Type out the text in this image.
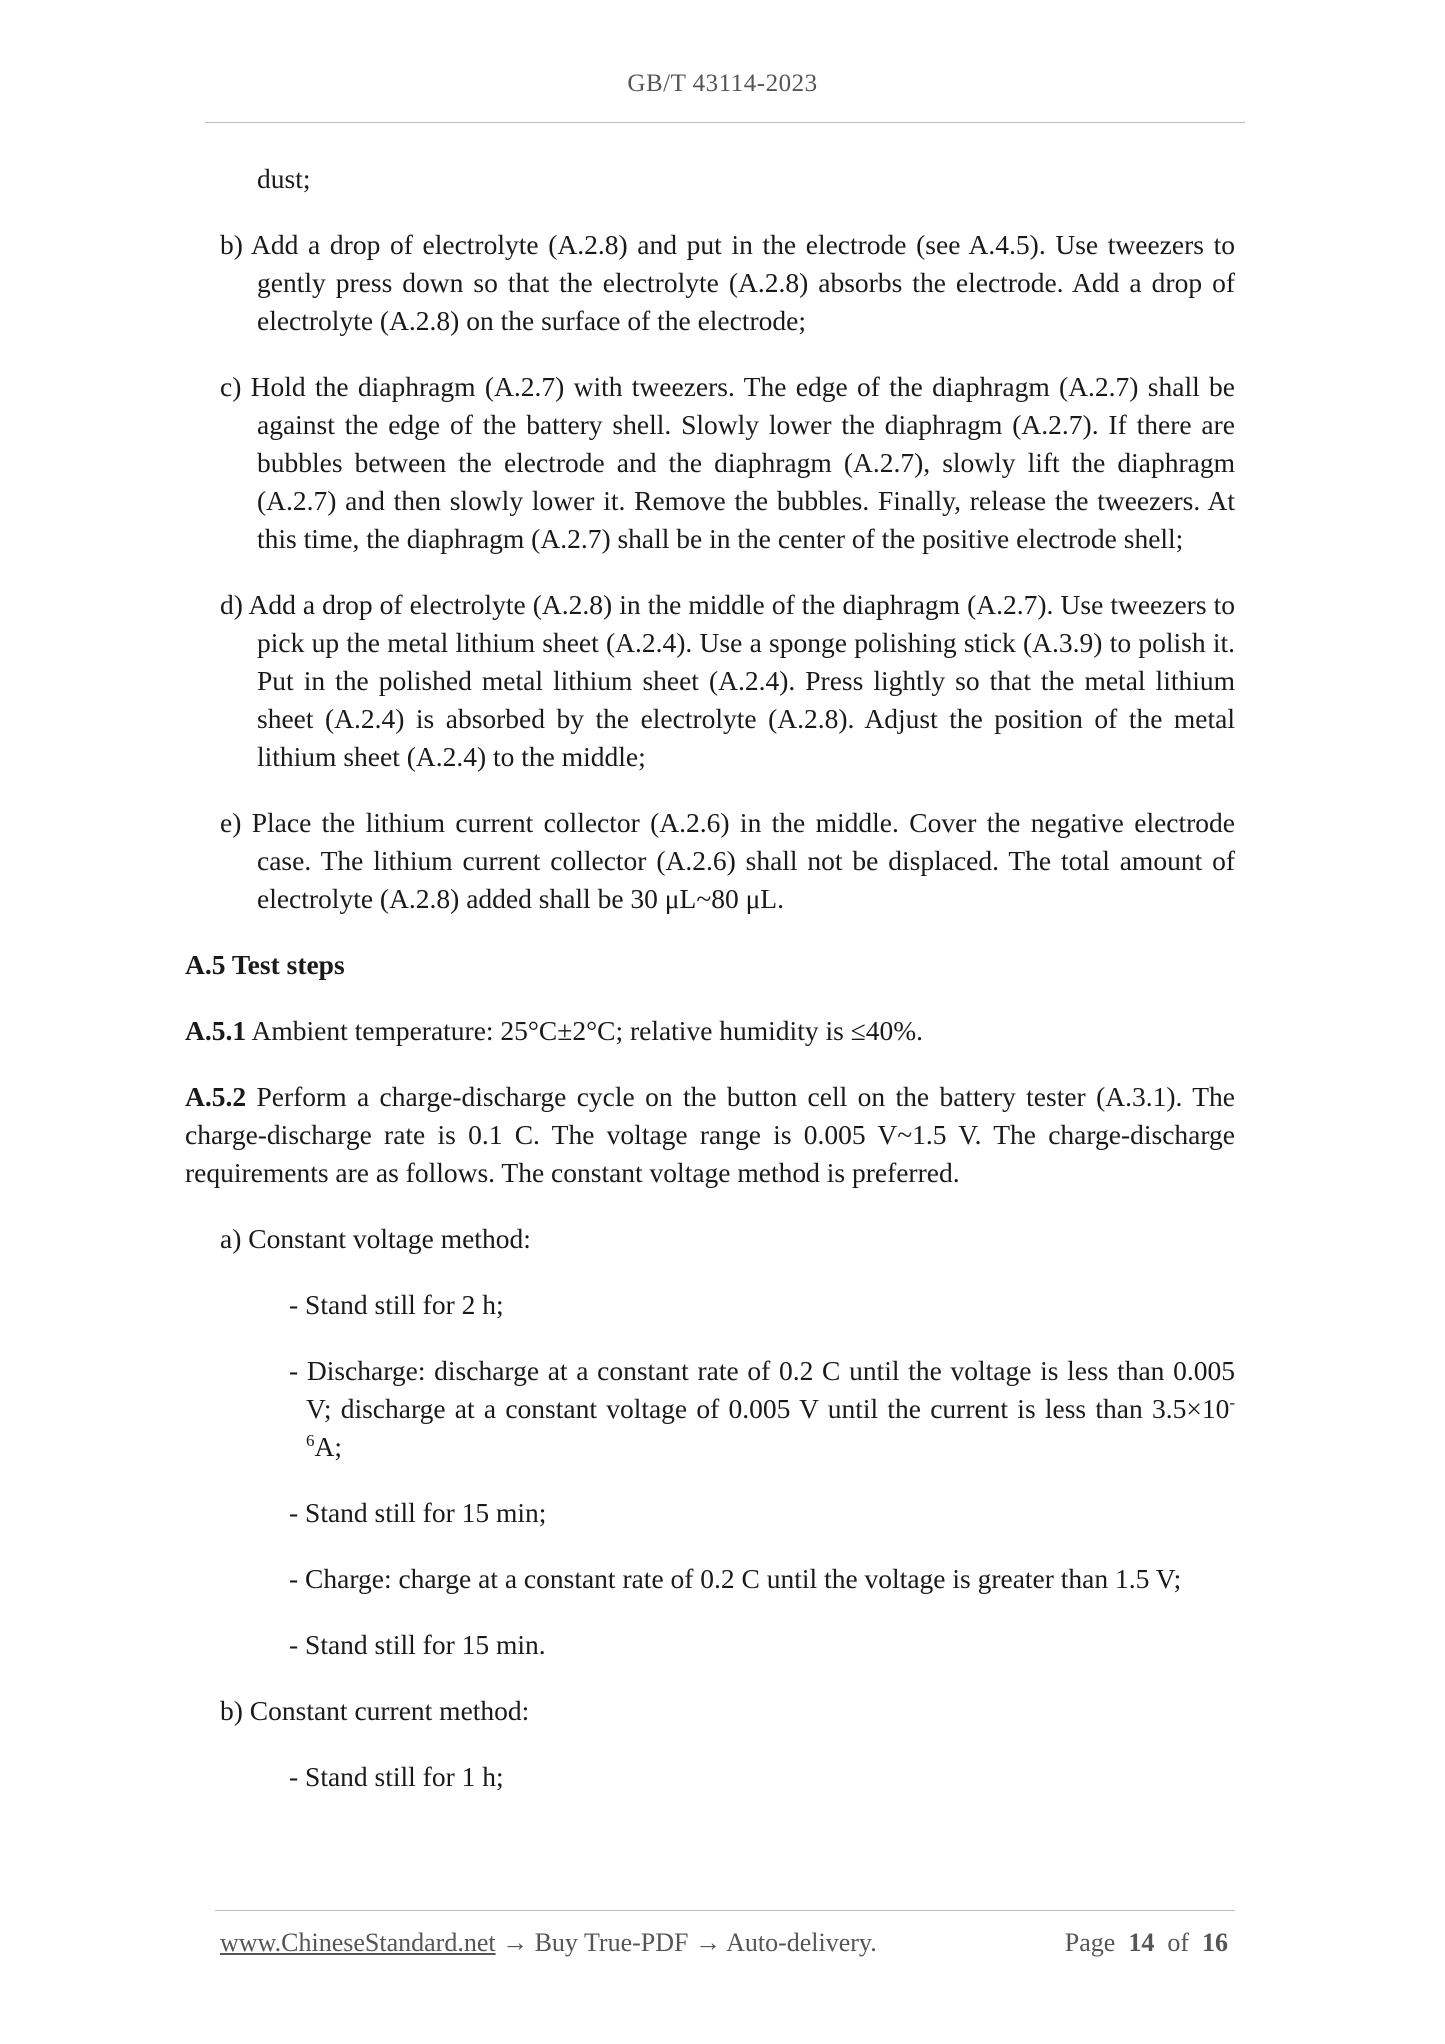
GB/T 43114-2023

dust;

b) Add a drop of electrolyte (A.2.8) and put in the electrode (see A.4.5). Use tweezers to gently press down so that the electrolyte (A.2.8) absorbs the electrode. Add a drop of electrolyte (A.2.8) on the surface of the electrode;

c) Hold the diaphragm (A.2.7) with tweezers. The edge of the diaphragm (A.2.7) shall be against the edge of the battery shell. Slowly lower the diaphragm (A.2.7). If there are bubbles between the electrode and the diaphragm (A.2.7), slowly lift the diaphragm (A.2.7) and then slowly lower it. Remove the bubbles. Finally, release the tweezers. At this time, the diaphragm (A.2.7) shall be in the center of the positive electrode shell;

d) Add a drop of electrolyte (A.2.8) in the middle of the diaphragm (A.2.7). Use tweezers to pick up the metal lithium sheet (A.2.4). Use a sponge polishing stick (A.3.9) to polish it. Put in the polished metal lithium sheet (A.2.4). Press lightly so that the metal lithium sheet (A.2.4) is absorbed by the electrolyte (A.2.8). Adjust the position of the metal lithium sheet (A.2.4) to the middle;

e) Place the lithium current collector (A.2.6) in the middle. Cover the negative electrode case. The lithium current collector (A.2.6) shall not be displaced. The total amount of electrolyte (A.2.8) added shall be 30 μL~80 μL.

A.5 Test steps

A.5.1 Ambient temperature: 25°C±2°C; relative humidity is ≤40%.

A.5.2 Perform a charge-discharge cycle on the button cell on the battery tester (A.3.1). The charge-discharge rate is 0.1 C. The voltage range is 0.005 V~1.5 V. The charge-discharge requirements are as follows. The constant voltage method is preferred.

a) Constant voltage method:

- Stand still for 2 h;

- Discharge: discharge at a constant rate of 0.2 C until the voltage is less than 0.005 V; discharge at a constant voltage of 0.005 V until the current is less than $3.5\times 10^{-6}A$;

- Stand still for 15 min;

- Charge: charge at a constant rate of 0.2 C until the voltage is greater than 1.5 V;

- Stand still for 15 min.

b) Constant current method:

- Stand still for 1 h;

www.ChineseStandard.net → Buy True-PDF → Auto-delivery.	Page 14 of 16
